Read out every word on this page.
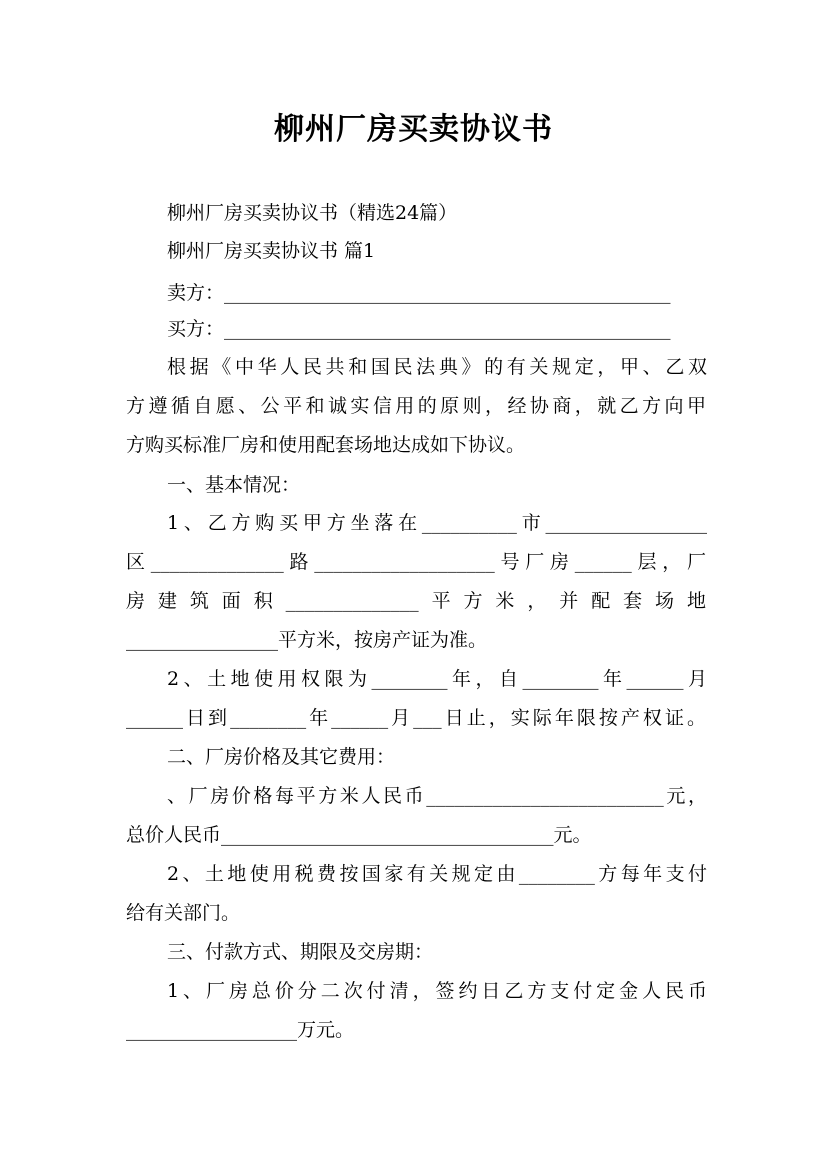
柳州厂房买卖协议书
柳州厂房买卖协议书（精选24篇）
柳州厂房买卖协议书 篇1
卖方：_______________________________________________
买方：_______________________________________________
根据《中华人民共和国民法典》的有关规定，甲、乙双
方遵循自愿、公平和诚实信用的原则，经协商，就乙方向甲
方购买标准厂房和使用配套场地达成如下协议。
一、基本情况：
1、乙方购买甲方坐落在__________市_________________
区______________路___________________号厂房______层，厂
房建筑面积______________平方米，并配套场地
________________平方米，按房产证为准。
2、土地使用权限为________年，自________年______月
______日到________年______月___日止，实际年限按产权证。
二、厂房价格及其它费用：
、厂房价格每平方米人民币_________________________元，
总价人民币___________________________________元。
2、土地使用税费按国家有关规定由________方每年支付
给有关部门。
三、付款方式、期限及交房期：
1、厂房总价分二次付清，签约日乙方支付定金人民币
__________________万元。
